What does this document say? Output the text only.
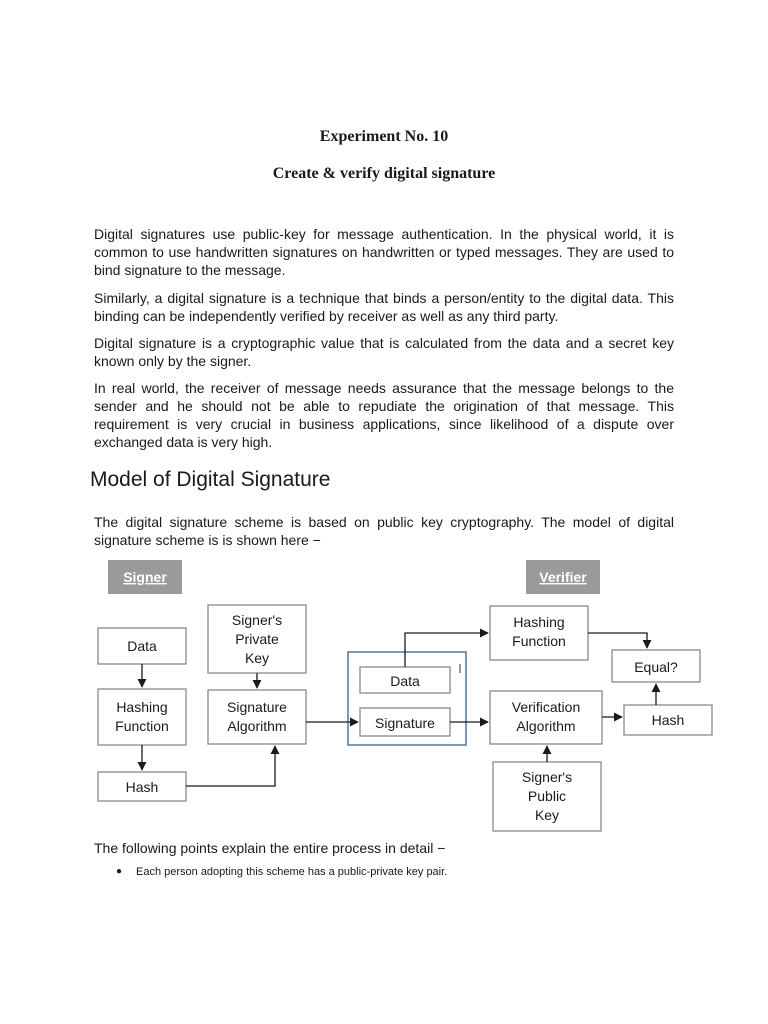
Experiment No. 10
Create & verify digital signature

Digital signatures use public-key for message authentication. In the physical world, it is common to use handwritten signatures on handwritten or typed messages. They are used to bind signature to the message.

Similarly, a digital signature is a technique that binds a person/entity to the digital data. This binding can be independently verified by receiver as well as any third party.

Digital signature is a cryptographic value that is calculated from the data and a secret key known only by the signer.

In real world, the receiver of message needs assurance that the message belongs to the sender and he should not be able to repudiate the origination of that message. This requirement is very crucial in business applications, since likelihood of a dispute over exchanged data is very high.

Model of Digital Signature

The digital signature scheme is based on public key cryptography. The model of digital signature scheme is is shown here −

Signer	Verifier
Data
Hashing
Function
Hash
Signer's
Private
Key
Signature
Algorithm
Data
Signature
Hashing
Function
Equal?
Verification
Algorithm	Hash
Signer's
Public
Key

The following points explain the entire process in detail −

● Each person adopting this scheme has a public-private key pair.
